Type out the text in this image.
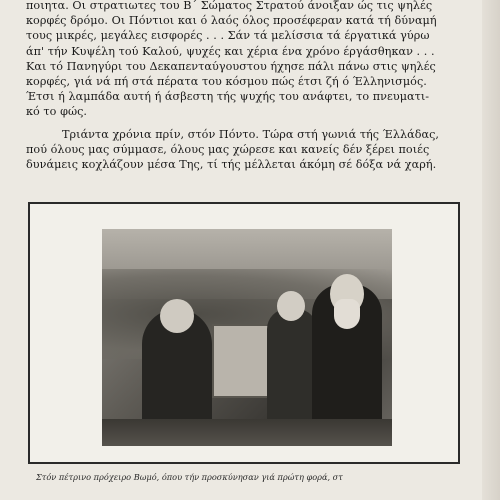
ποιητα. Οι στρατιωτες του Β΄ Σώματος Στρατού άνοιξαν ώς τις ψηλές

κορφές δρόμο. Οι Πόντιοι και ό λαός όλος προσέφεραν κατά τή δύναμή

τους μικρές, μεγάλες εισφορές . . . Σάν τά μελίσσια τά έργατικά γύρω

άπ' τήν Κυψέλη τού Καλού, ψυχές και χέρια ένα χρόνο έργάσθηκαν . . .

Και τό Πανηγύρι του Δεκαπενταύγουστου ήχησε πάλι πάνω στις ψηλές

κορφές, γιά νά πή στά πέρατα του κόσμου πώς έτσι ζή ό Έλληνισμός.

Έτσι ή λαμπάδα αυτή ή άσβεστη τής ψυχής του ανάφτει, το πνευματι-

κό το φώς.

Τριάντα χρόνια πρίν, στόν Πόντο. Τώρα στή γωνιά τής Έλλάδας,

πού όλους μας σύμμασε, όλους μας χώρεσε και κανείς δέν ξέρει ποιές

δυνάμεις κοχλάζουν μέσα Της, τί τής μέλλεται άκόμη σέ δόξα νά χαρή.

Στόν πέτρινο πρόχειρο Βωμό, όπου τήν προσκύνησαν γιά πρώτη φορά, στ
